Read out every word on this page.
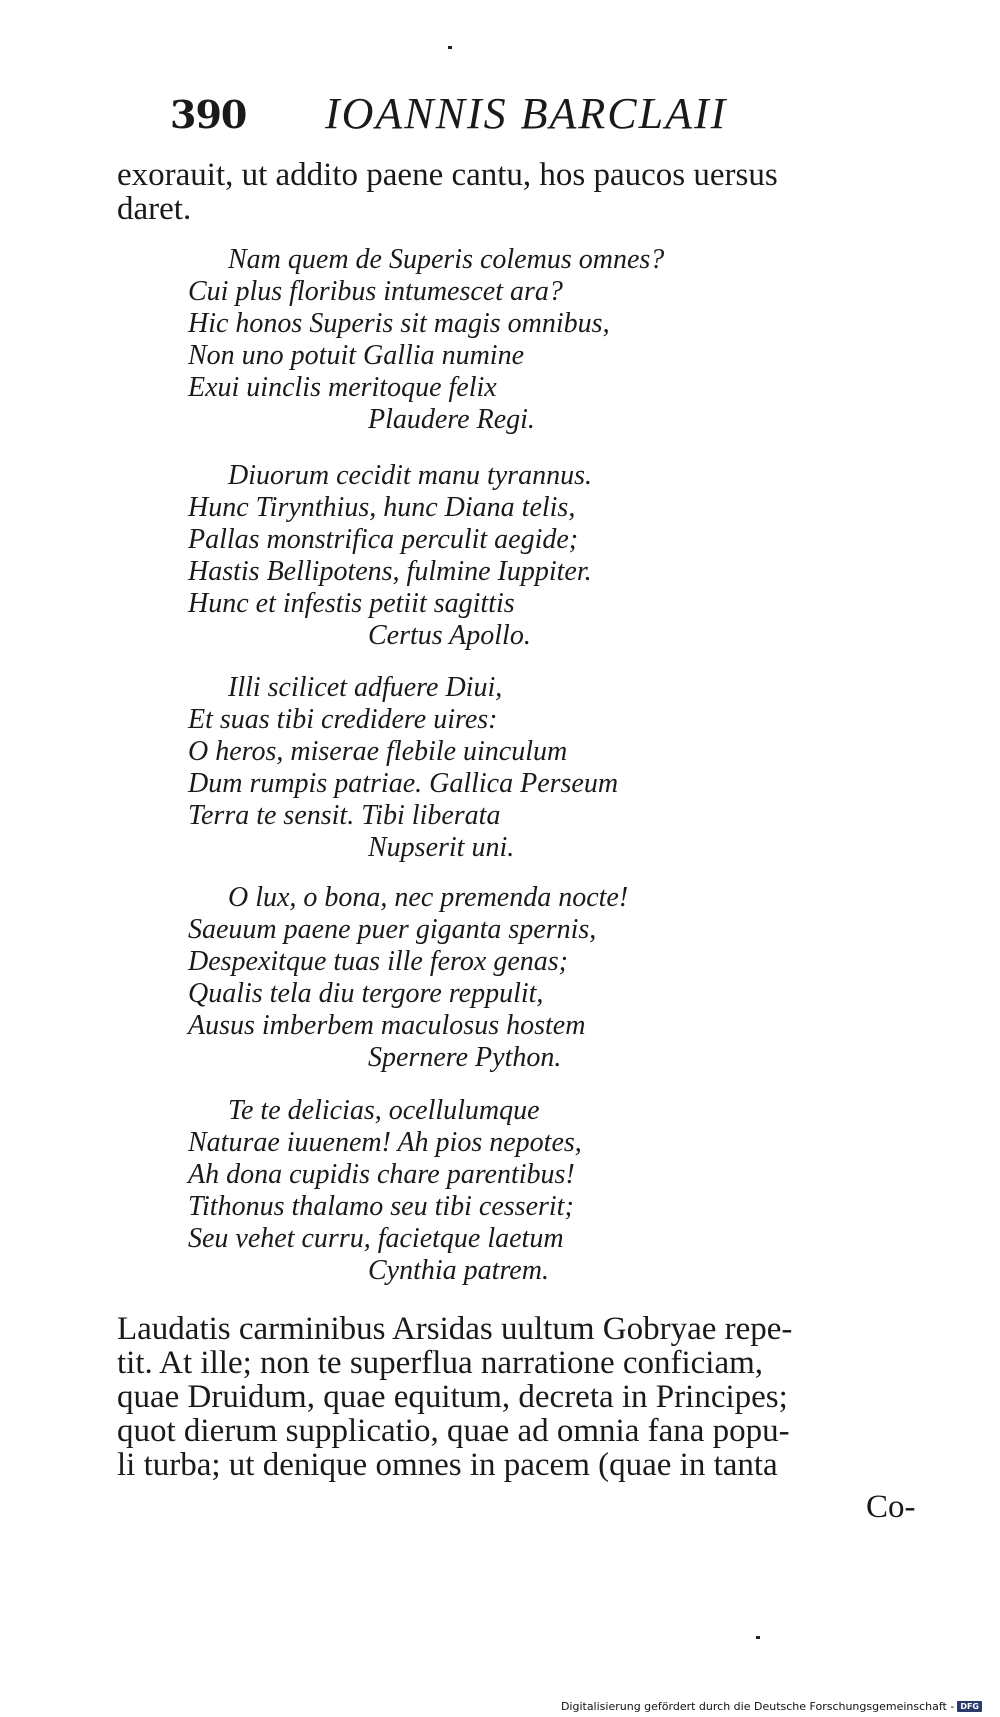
390 IOANNIS BARCLAII
exorauit, ut addito paene cantu, hos paucos uersus
daret.
Nam quem de Superis colemus omnes?
Cui plus floribus intumescet ara?
Hic honos Superis sit magis omnibus,
Non uno potuit Gallia numine
Exui uinclis meritoque felix
Plaudere Regi.
Diuorum cecidit manu tyrannus.
Hunc Tirynthius, hunc Diana telis,
Pallas monstrifica perculit aegide;
Hastis Bellipotens, fulmine Iuppiter.
Hunc et infestis petiit sagittis
Certus Apollo.
Illi scilicet adfuere Diui,
Et suas tibi credidere uires:
O heros, miserae flebile uinculum
Dum rumpis patriae. Gallica Perseum
Terra te sensit. Tibi liberata
Nupserit uni.
O lux, o bona, nec premenda nocte!
Saeuum paene puer giganta spernis,
Despexitque tuas ille ferox genas;
Qualis tela diu tergore reppulit,
Ausus imberbem maculosus hostem
Spernere Python.
Te te delicias, ocellulumque
Naturae iuuenem! Ah pios nepotes,
Ah dona cupidis chare parentibus!
Tithonus thalamo seu tibi cesserit;
Seu vehet curru, facietque laetum
Cynthia patrem.
Laudatis carminibus Arsidas uultum Gobryae repe-
tit. At ille; non te superflua narratione conficiam,
quae Druidum, quae equitum, decreta in Principes;
quot dierum supplicatio, quae ad omnia fana popu-
li turba; ut denique omnes in pacem (quae in tanta
Co-
Digitalisierung gefördert durch die Deutsche Forschungsgemeinschaft - DFG
